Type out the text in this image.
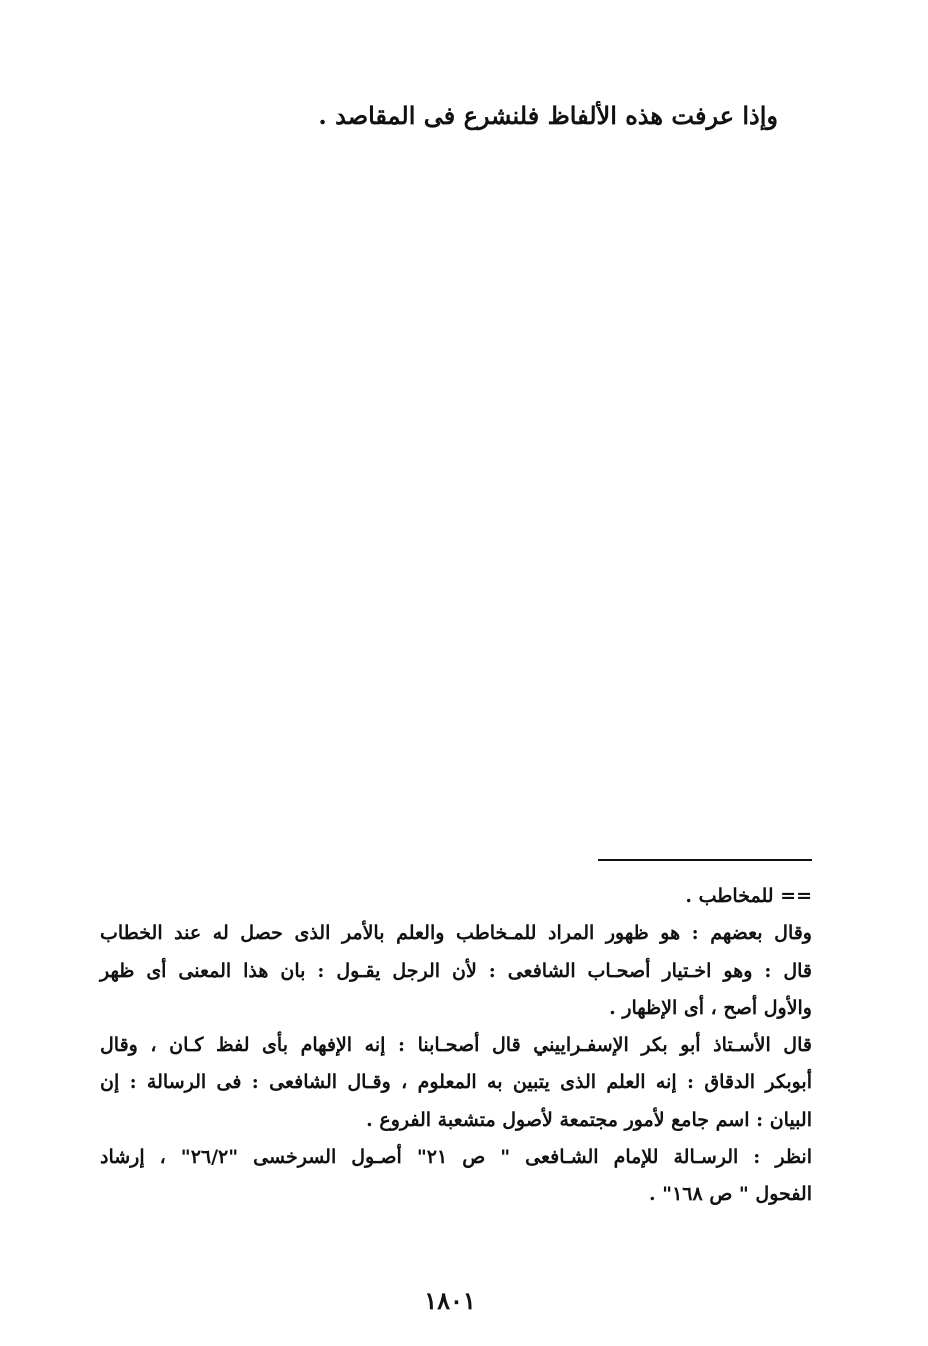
وإذا عرفت هذه الألفاظ فلنشرع فى المقاصد .
== للمخاطب .
وقال بعضهم : هو ظهور المراد للمـخاطب والعلم بالأمر الذى حصل له عند الخطاب
قال : وهو اخـتيار أصحـاب الشافعى : لأن الرجل يقـول : بان هذا المعنى أى ظهر
والأول أصح ، أى الإظهار .
قال الأسـتاذ أبو بكر الإسفـراييني قال أصحـابنا : إنه الإفهام بأى لفظ كـان ، وقال
أبوبكر الدقاق : إنه العلم الذى يتبين به المعلوم ، وقـال الشافعى : فى الرسالة : إن
البيان : اسم جامع لأمور مجتمعة لأصول متشعبة الفروع .
انظر : الرسـالة للإمام الشـافعى " ص ٢١" أصـول السرخسى "٢٦/٢" ، إرشاد
الفحول " ص ١٦٨" .
١٨٠١
